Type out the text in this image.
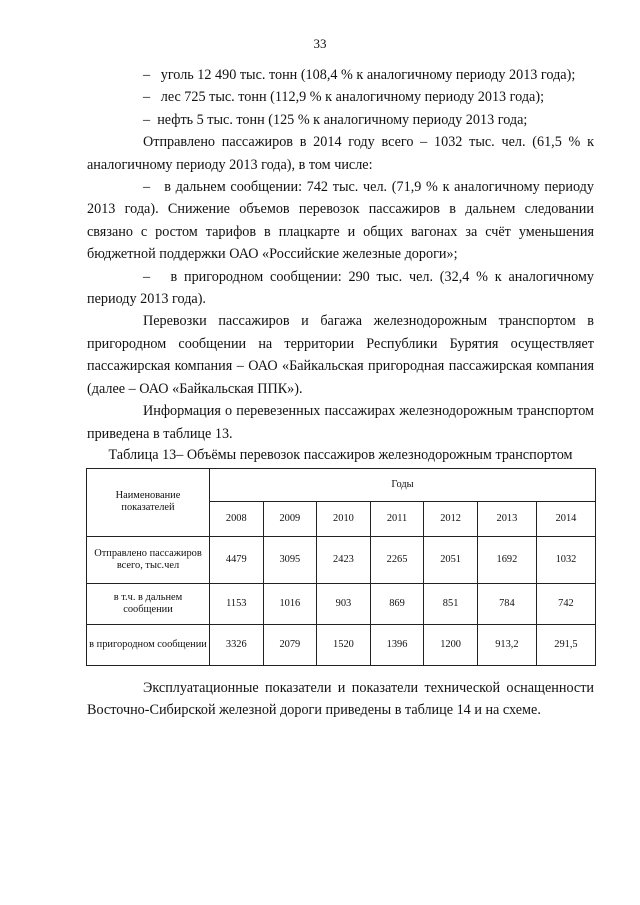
33

–   уголь 12 490 тыс. тонн (108,4 % к аналогичному периоду 2013 года);

–   лес 725 тыс. тонн (112,9 % к аналогичному периоду 2013 года);

–  нефть 5 тыс. тонн (125 % к аналогичному периоду 2013 года;

Отправлено пассажиров в 2014 году всего – 1032 тыс. чел. (61,5 % к аналогичному периоду 2013 года), в том числе:

–   в дальнем сообщении: 742 тыс. чел. (71,9 % к аналогичному периоду 2013 года). Снижение объемов перевозок пассажиров в дальнем следовании связано с ростом тарифов в плацкарте и общих вагонах за счёт уменьшения бюджетной поддержки ОАО «Российские железные дороги»;

–   в пригородном сообщении: 290 тыс. чел. (32,4 % к аналогичному периоду 2013 года).

Перевозки пассажиров и багажа железнодорожным транспортом в пригородном сообщении на территории Республики Бурятия осуществляет пассажирская компания – ОАО «Байкальская пригородная пассажирская компания (далее – ОАО «Байкальская ППК»).

Информация о перевезенных пассажирах железнодорожным транспортом приведена в таблице 13.

Таблица 13– Объёмы перевозок пассажиров железнодорожным транспортом

Наименование показателей	Годы						
	2008	2009	2010	2011	2012	2013	2014
Отправлено пассажиров всего, тыс.чел	4479	3095	2423	2265	2051	1692	1032
в т.ч. в дальнем сообщении	1153	1016	903	869	851	784	742
в пригородном сообщении	3326	2079	1520	1396	1200	913,2	291,5

Эксплуатационные показатели и показатели технической оснащенности Восточно-Сибирской железной дороги приведены в таблице 14 и на схеме.
